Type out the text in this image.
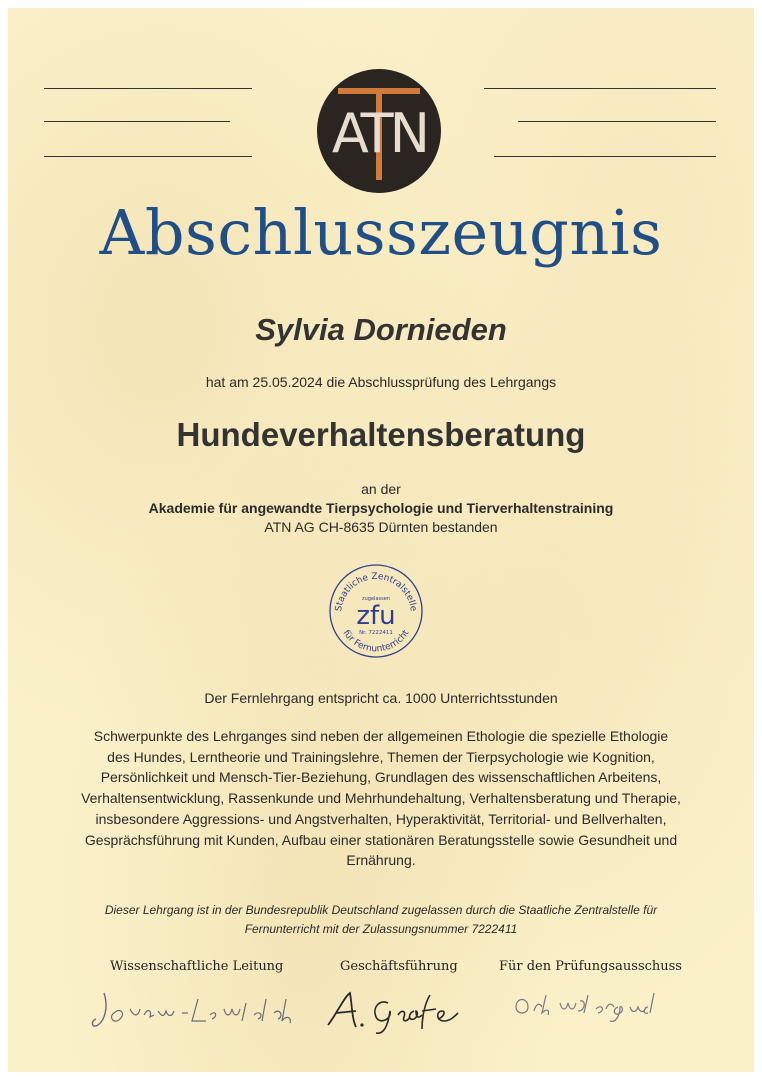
ATN
Abschlusszeugnis
Sylvia Dornieden
hat am 25.05.2024 die Abschlussprüfung des Lehrgangs
Hundeverhaltensberatung
an der
Akademie für angewandte Tierpsychologie und Tierverhaltenstraining
ATN AG CH-8635 Dürnten bestanden
Staatliche Zentralstelle
zugelassen
zfu
Nr. 7222411
für Fernunterricht
Der Fernlehrgang entspricht ca. 1000 Unterrichtsstunden
Schwerpunkte des Lehrganges sind neben der allgemeinen Ethologie die spezielle Ethologie des Hundes, Lerntheorie und Trainingslehre, Themen der Tierpsychologie wie Kognition, Persönlichkeit und Mensch-Tier-Beziehung, Grundlagen des wissenschaftlichen Arbeitens, Verhaltensentwicklung, Rassenkunde und Mehrhundehaltung, Verhaltensberatung und Therapie, insbesondere Aggressions- und Angstverhalten, Hyperaktivität, Territorial- und Bellverhalten, Gesprächsführung mit Kunden, Aufbau einer stationären Beratungsstelle sowie Gesundheit und Ernährung.
Dieser Lehrgang ist in der Bundesrepublik Deutschland zugelassen durch die Staatliche Zentralstelle für Fernunterricht mit der Zulassungsnummer 7222411
Wissenschaftliche Leitung	Geschäftsführung	Für den Prüfungsausschuss
